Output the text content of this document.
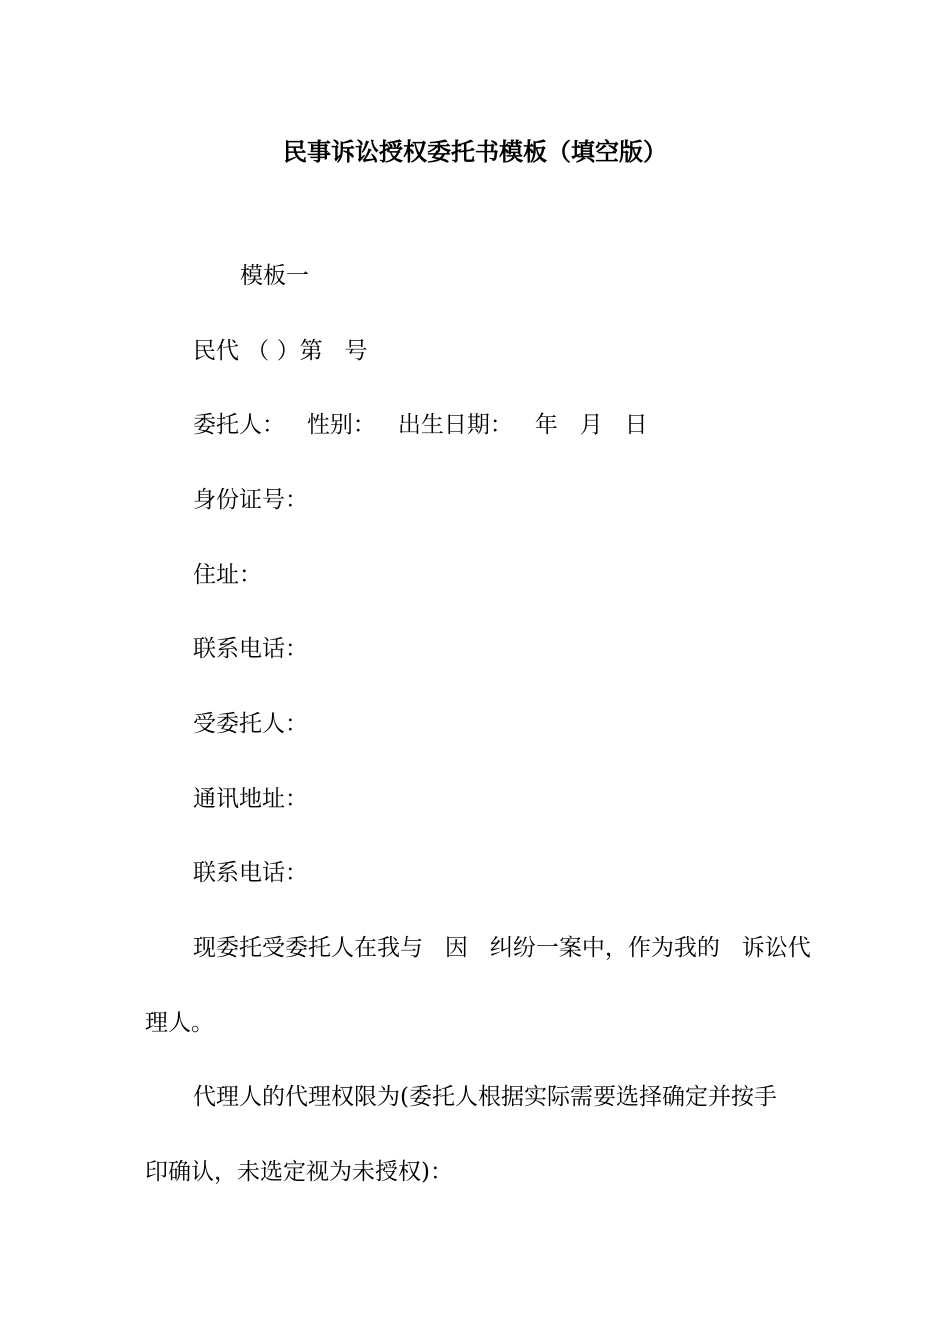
民事诉讼授权委托书模板（填空版）
模板一
民代 （ ）第   号
委托人：   性别：   出生日期：   年   月   日
身份证号：
住址：
联系电话：
受委托人：
通讯地址：
联系电话：
现委托受委托人在我与   因   纠纷一案中，作为我的   诉讼代
理人。
代理人的代理权限为(委托人根据实际需要选择确定并按手
印确认，未选定视为未授权)：
